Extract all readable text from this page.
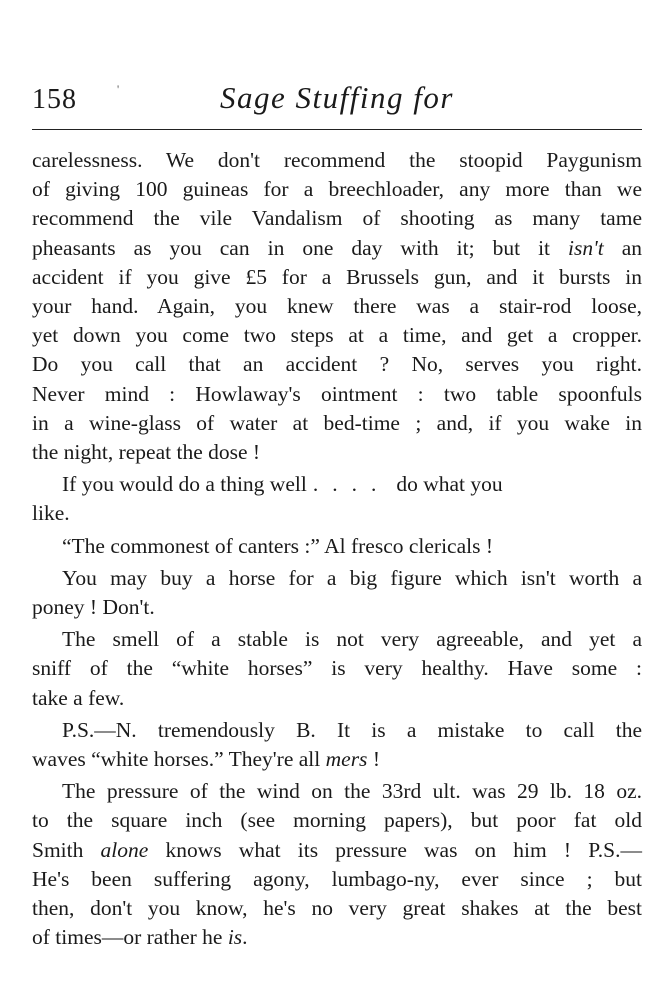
158	'	Sage Stuffing for
carelessness. We don't recommend the stoopid Paygunism
of giving 100 guineas for a breechloader, any more than we
recommend the vile Vandalism of shooting as many tame
pheasants as you can in one day with it; but it isn't an
accident if you give £5 for a Brussels gun, and it bursts in
your hand. Again, you knew there was a stair-rod loose,
yet down you come two steps at a time, and get a cropper.
Do you call that an accident ? No, serves you right.
Never mind : Howlaway's ointment : two table spoonfuls
in a wine-glass of water at bed-time ; and, if you wake in
the night, repeat the dose !
If you would do a thing well .... do what you
like.
“The commonest of canters :” Al fresco clericals !
You may buy a horse for a big figure which isn't worth a
poney ! Don't.
The smell of a stable is not very agreeable, and yet a
sniff of the “white horses” is very healthy. Have some :
take a few.
P.S.—N. tremendously B. It is a mistake to call the
waves “white horses.” They're all mers !
The pressure of the wind on the 33rd ult. was 29 lb. 18 oz.
to the square inch (see morning papers), but poor fat old
Smith alone knows what its pressure was on him ! P.S.—
He's been suffering agony, lumbago-ny, ever since ; but
then, don't you know, he's no very great shakes at the best
of times—or rather he is.
